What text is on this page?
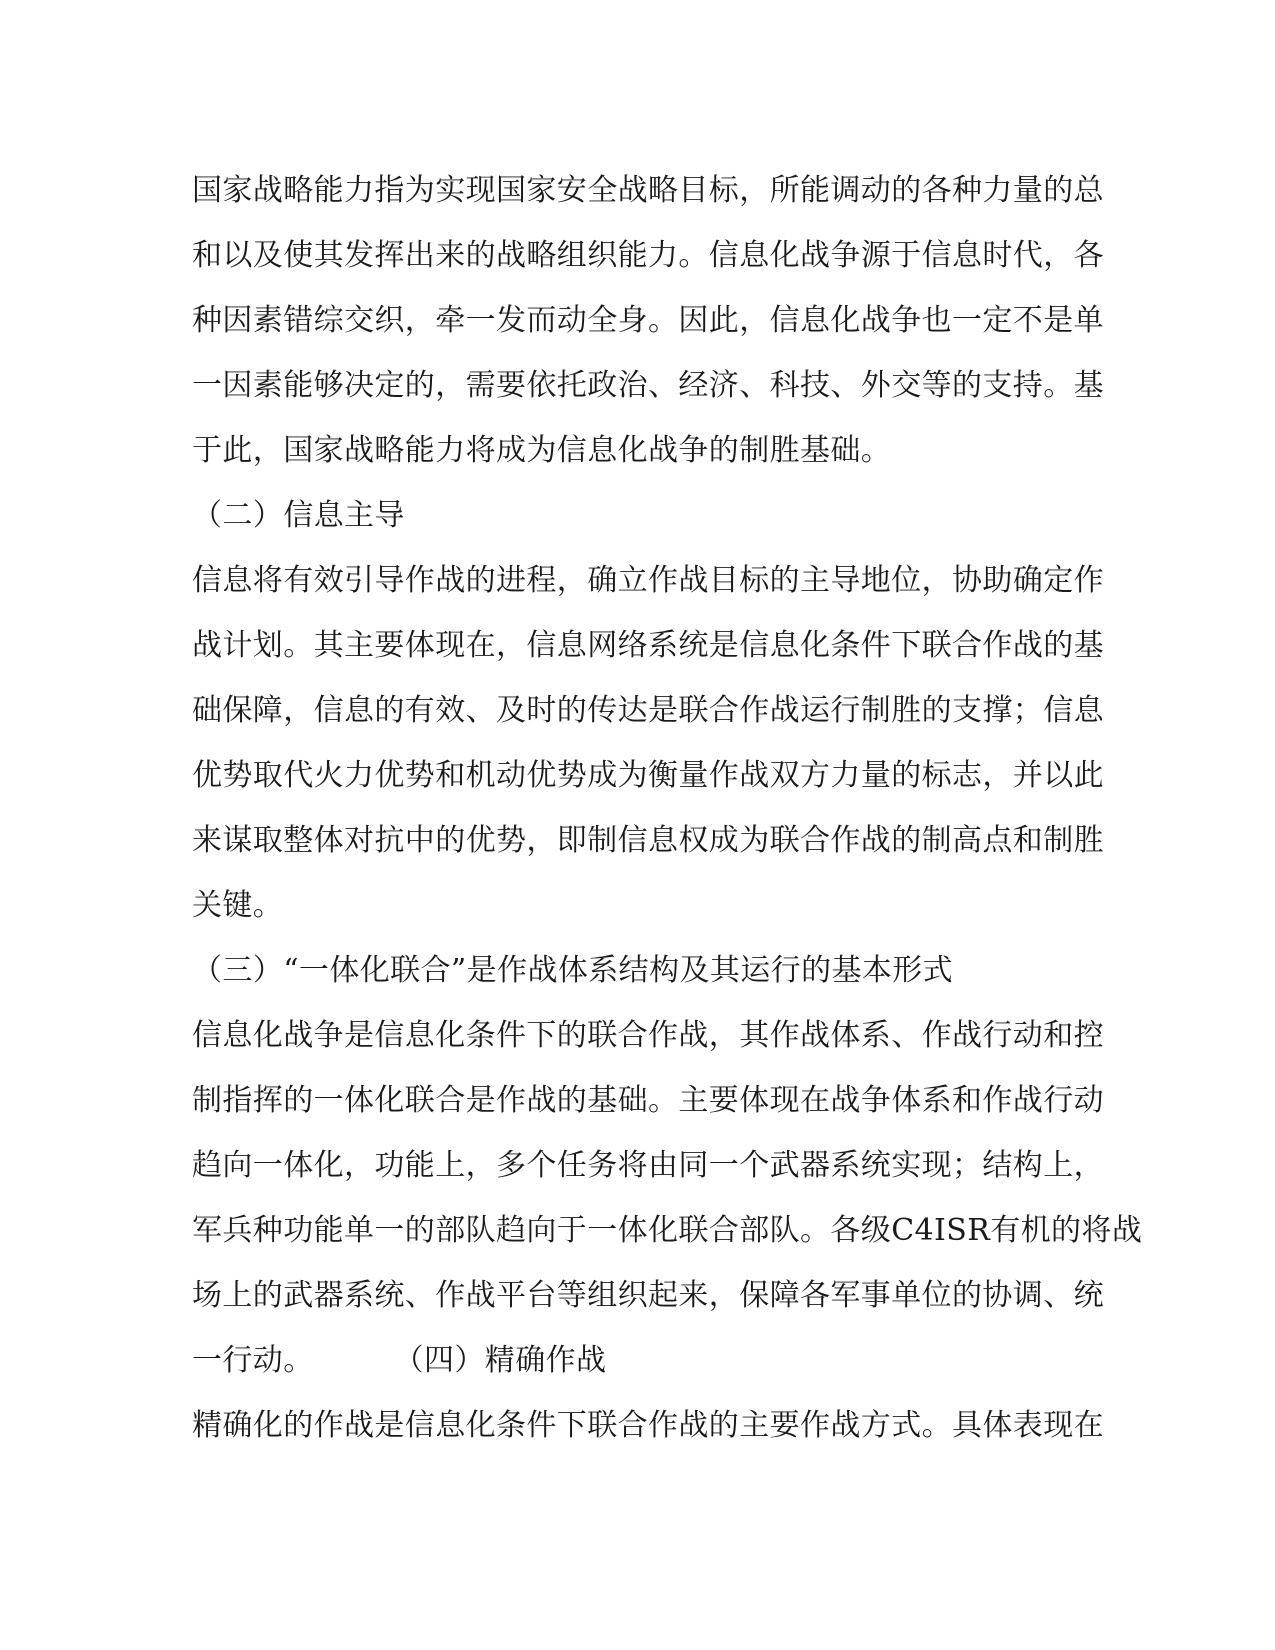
国家战略能力指为实现国家安全战略目标，所能调动的各种力量的总
和以及使其发挥出来的战略组织能力。信息化战争源于信息时代，各
种因素错综交织，牵一发而动全身。因此，信息化战争也一定不是单
一因素能够决定的，需要依托政治、经济、科技、外交等的支持。基
于此，国家战略能力将成为信息化战争的制胜基础。
（二）信息主导
信息将有效引导作战的进程，确立作战目标的主导地位，协助确定作
战计划。其主要体现在，信息网络系统是信息化条件下联合作战的基
础保障，信息的有效、及时的传达是联合作战运行制胜的支撑；信息
优势取代火力优势和机动优势成为衡量作战双方力量的标志，并以此
来谋取整体对抗中的优势，即制信息权成为联合作战的制高点和制胜
关键。
（三）“一体化联合”是作战体系结构及其运行的基本形式
信息化战争是信息化条件下的联合作战，其作战体系、作战行动和控
制指挥的一体化联合是作战的基础。主要体现在战争体系和作战行动
趋向一体化，功能上，多个任务将由同一个武器系统实现；结构上，
军兵种功能单一的部队趋向于一体化联合部队。各级C4ISR有机的将战
场上的武器系统、作战平台等组织起来，保障各军事单位的协调、统
一行动。	（四）精确作战
精确化的作战是信息化条件下联合作战的主要作战方式。具体表现在
